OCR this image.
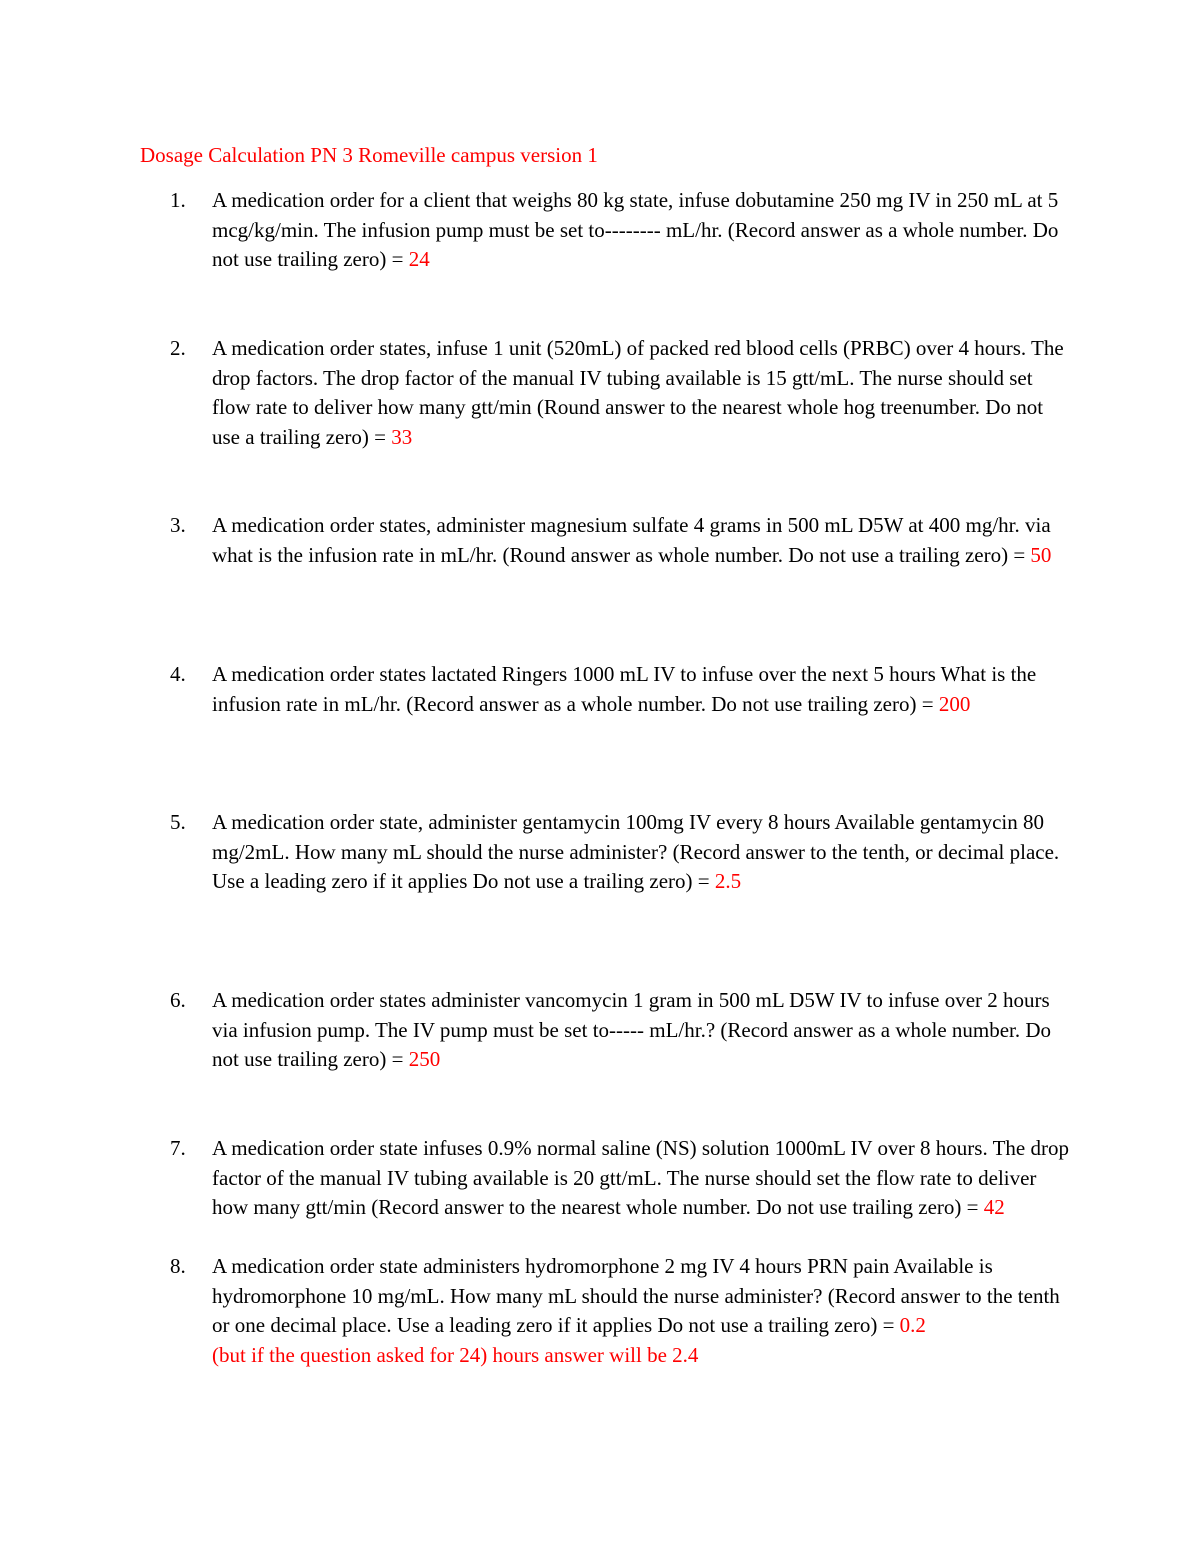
Dosage Calculation PN 3 Romeville campus version 1
1.	A medication order for a client that weighs 80 kg state, infuse dobutamine 250 mg IV in 250 mL at 5 mcg/kg/min. The infusion pump must be set to-------- mL/hr. (Record answer as a whole number. Do not use trailing zero) = 24
2.	A medication order states, infuse 1 unit (520mL) of packed red blood cells (PRBC) over 4 hours. The drop factors. The drop factor of the manual IV tubing available is 15 gtt/mL. The nurse should set flow rate to deliver how many gtt/min (Round answer to the nearest whole hog treenumber. Do not use a trailing zero) = 33
3.	A medication order states, administer magnesium sulfate 4 grams in 500 mL D5W at 400 mg/hr. via what is the infusion rate in mL/hr. (Round answer as whole number. Do not use a trailing zero) = 50
4.	A medication order states lactated Ringers 1000 mL IV to infuse over the next 5 hours What is the infusion rate in mL/hr. (Record answer as a whole number. Do not use trailing zero) = 200
5.	A medication order state, administer gentamycin 100mg IV every 8 hours Available gentamycin 80 mg/2mL. How many mL should the nurse administer? (Record answer to the tenth, or decimal place. Use a leading zero if it applies Do not use a trailing zero) = 2.5
6.	A medication order states administer vancomycin 1 gram in 500 mL D5W IV to infuse over 2 hours via infusion pump. The IV pump must be set to----- mL/hr.? (Record answer as a whole number. Do not use trailing zero) = 250
7.	A medication order state infuses 0.9% normal saline (NS) solution 1000mL IV over 8 hours. The drop factor of the manual IV tubing available is 20 gtt/mL. The nurse should set the flow rate to deliver how many gtt/min (Record answer to the nearest whole number. Do not use trailing zero) = 42
8.	A medication order state administers hydromorphone 2 mg IV 4 hours PRN pain Available is hydromorphone 10 mg/mL. How many mL should the nurse administer? (Record answer to the tenth or one decimal place. Use a leading zero if it applies Do not use a trailing zero) = 0.2
(but if the question asked for 24) hours answer will be 2.4
